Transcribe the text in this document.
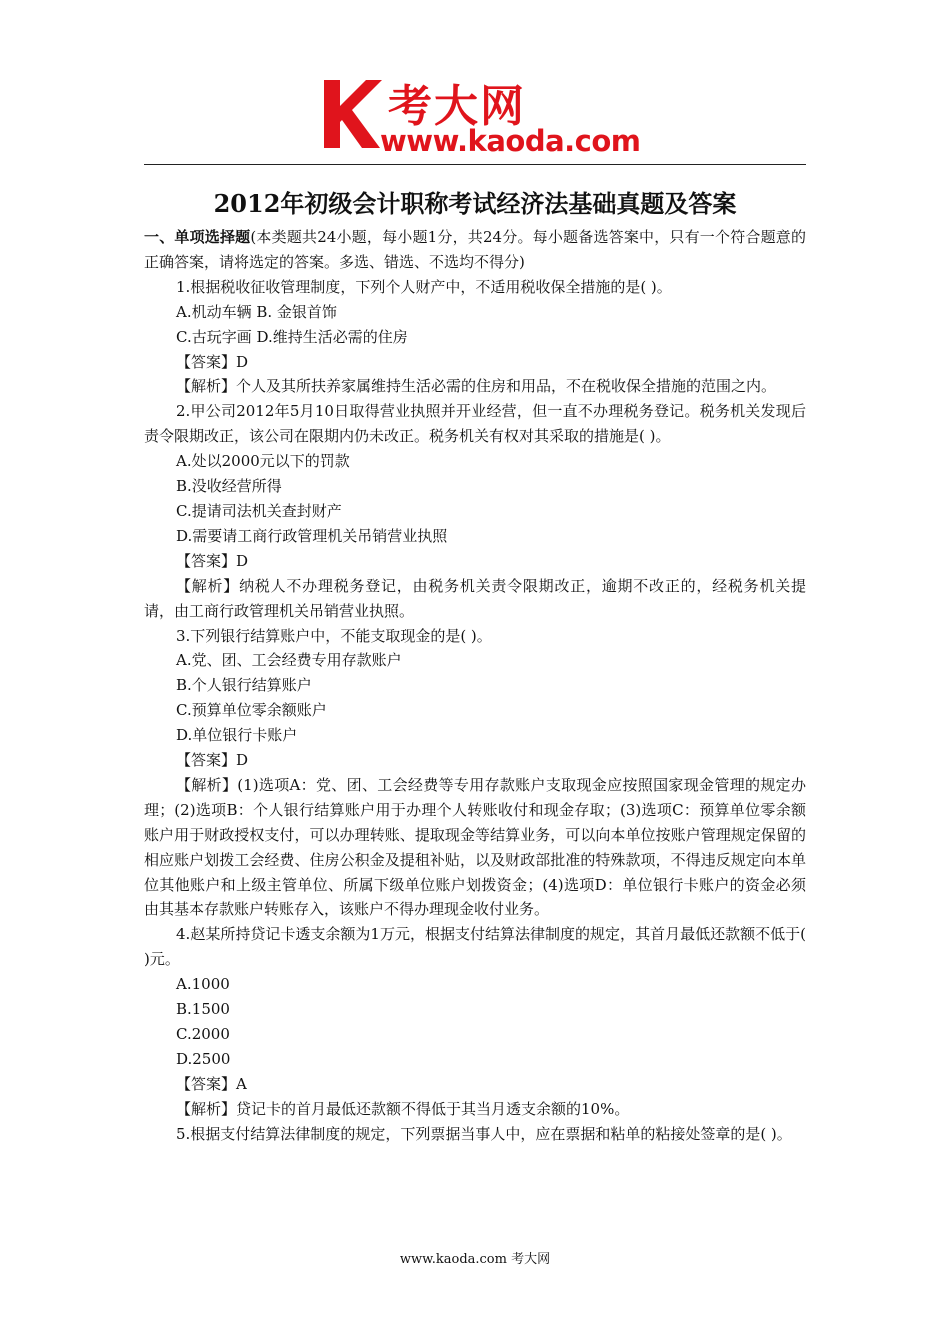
考大网
www.kaoda.com
2012年初级会计职称考试经济法基础真题及答案

一、单项选择题(本类题共24小题，每小题1分，共24分。每小题备选答案中，只有一个符合题意的正确答案，请将选定的答案。多选、错选、不选均不得分)

1.根据税收征收管理制度，下列个人财产中，不适用税收保全措施的是( )。

A.机动车辆 B. 金银首饰

C.古玩字画 D.维持生活必需的住房

【答案】D

【解析】个人及其所扶养家属维持生活必需的住房和用品，不在税收保全措施的范围之内。

2.甲公司2012年5月10日取得营业执照并开业经营，但一直不办理税务登记。税务机关发现后责令限期改正，该公司在限期内仍未改正。税务机关有权对其采取的措施是( )。

A.处以2000元以下的罚款

B.没收经营所得

C.提请司法机关查封财产

D.需要请工商行政管理机关吊销营业执照

【答案】D

【解析】纳税人不办理税务登记，由税务机关责令限期改正，逾期不改正的，经税务机关提请，由工商行政管理机关吊销营业执照。

3.下列银行结算账户中，不能支取现金的是( )。

A.党、团、工会经费专用存款账户

B.个人银行结算账户

C.预算单位零余额账户

D.单位银行卡账户

【答案】D

【解析】(1)选项A：党、团、工会经费等专用存款账户支取现金应按照国家现金管理的规定办理；(2)选项B：个人银行结算账户用于办理个人转账收付和现金存取；(3)选项C：预算单位零余额账户用于财政授权支付，可以办理转账、提取现金等结算业务，可以向本单位按账户管理规定保留的相应账户划拨工会经费、住房公积金及提租补贴，以及财政部批准的特殊款项，不得违反规定向本单位其他账户和上级主管单位、所属下级单位账户划拨资金；(4)选项D：单位银行卡账户的资金必须由其基本存款账户转账存入，该账户不得办理现金收付业务。

4.赵某所持贷记卡透支余额为1万元，根据支付结算法律制度的规定，其首月最低还款额不低于( )元。

A.1000

B.1500

C.2000

D.2500

【答案】A

【解析】贷记卡的首月最低还款额不得低于其当月透支余额的10%。

5.根据支付结算法律制度的规定，下列票据当事人中，应在票据和粘单的粘接处签章的是( )。

www.kaoda.com 考大网
